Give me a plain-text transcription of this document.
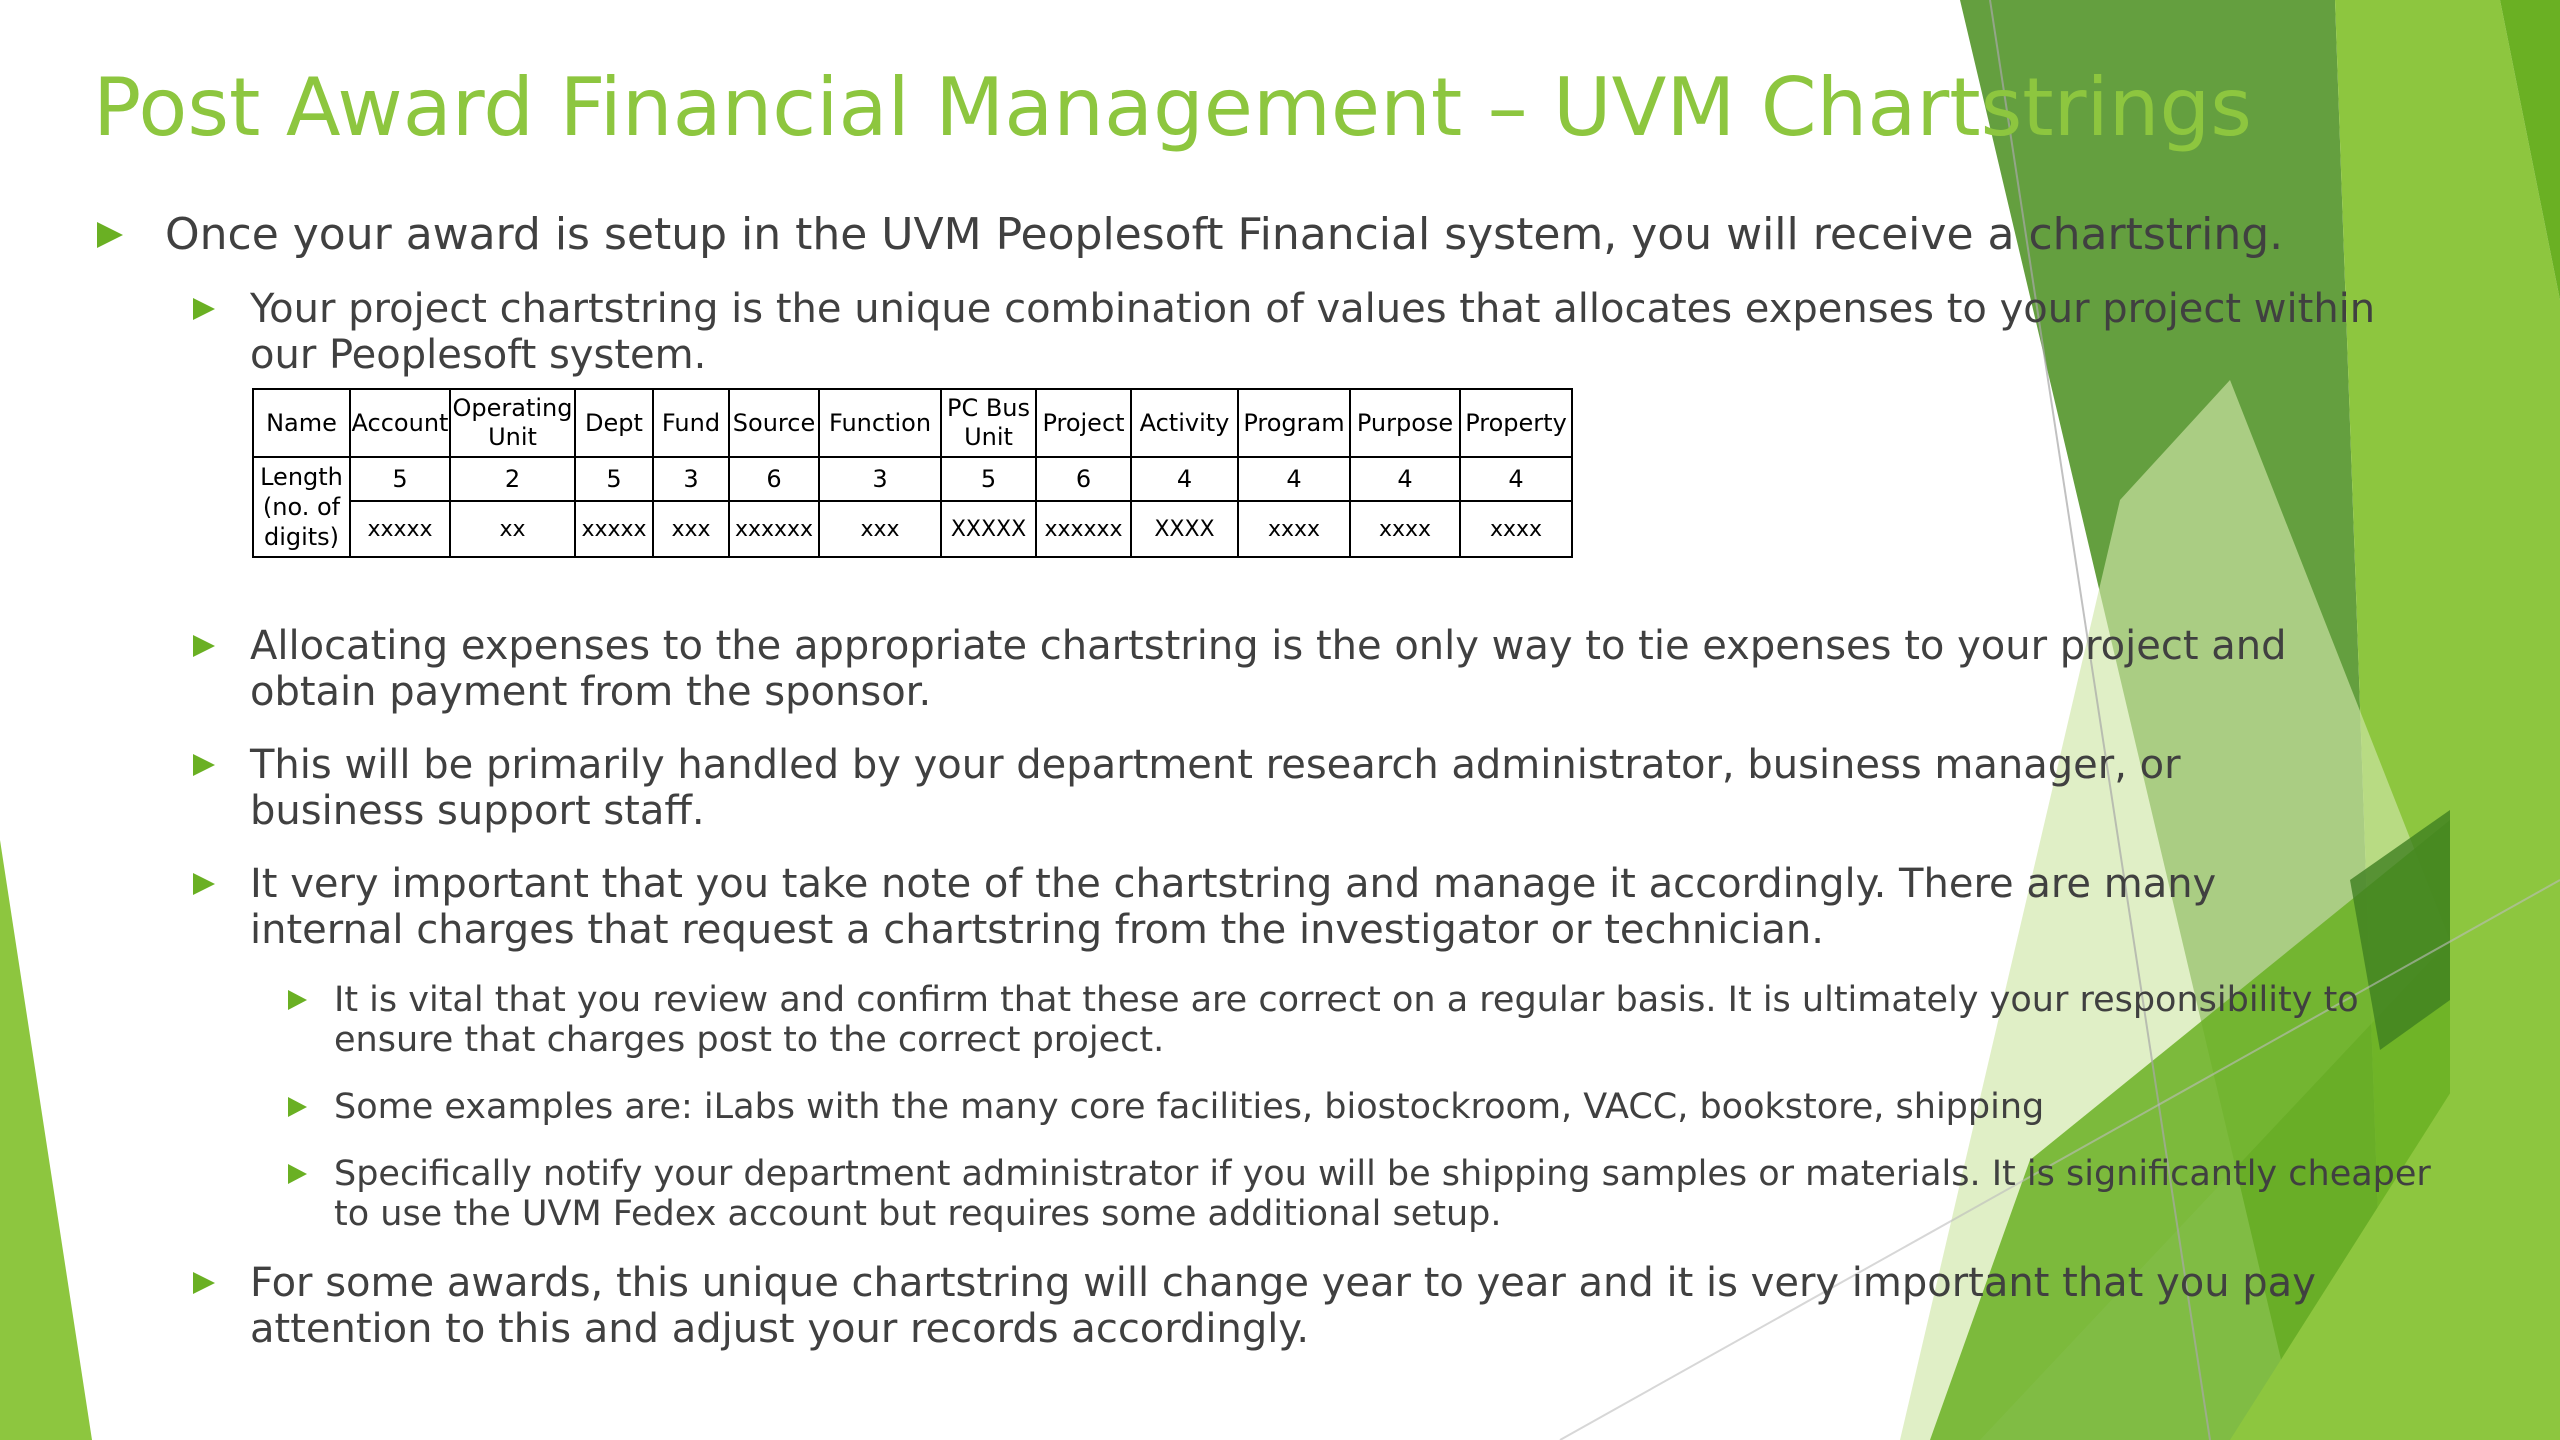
Post Award Financial Management – UVM Chartstrings
Once your award is setup in the UVM Peoplesoft Financial system, you will receive a chartstring.
Your project chartstring is the unique combination of values that allocates expenses to your project within our Peoplesoft system.
Name	Account	Operating Unit	Dept	Fund	Source	Function	PC Bus Unit	Project	Activity	Program	Purpose	Property
Length (no. of digits)	5	2	5	3	6	3	5	6	4	4	4	4
	xxxxx	xx	xxxxx	xxx	xxxxxx	xxx	XXXXX	xxxxxx	XXXX	xxxx	xxxx	xxxx
Allocating expenses to the appropriate chartstring is the only way to tie expenses to your project and obtain payment from the sponsor.
This will be primarily handled by your department research administrator, business manager, or business support staff.
It very important that you take note of the chartstring and manage it accordingly. There are many internal charges that request a chartstring from the investigator or technician.
It is vital that you review and confirm that these are correct on a regular basis. It is ultimately your responsibility to ensure that charges post to the correct project.
Some examples are: iLabs with the many core facilities, biostockroom, VACC, bookstore, shipping
Specifically notify your department administrator if you will be shipping samples or materials. It is significantly cheaper to use the UVM Fedex account but requires some additional setup.
For some awards, this unique chartstring will change year to year and it is very important that you pay attention to this and adjust your records accordingly.
